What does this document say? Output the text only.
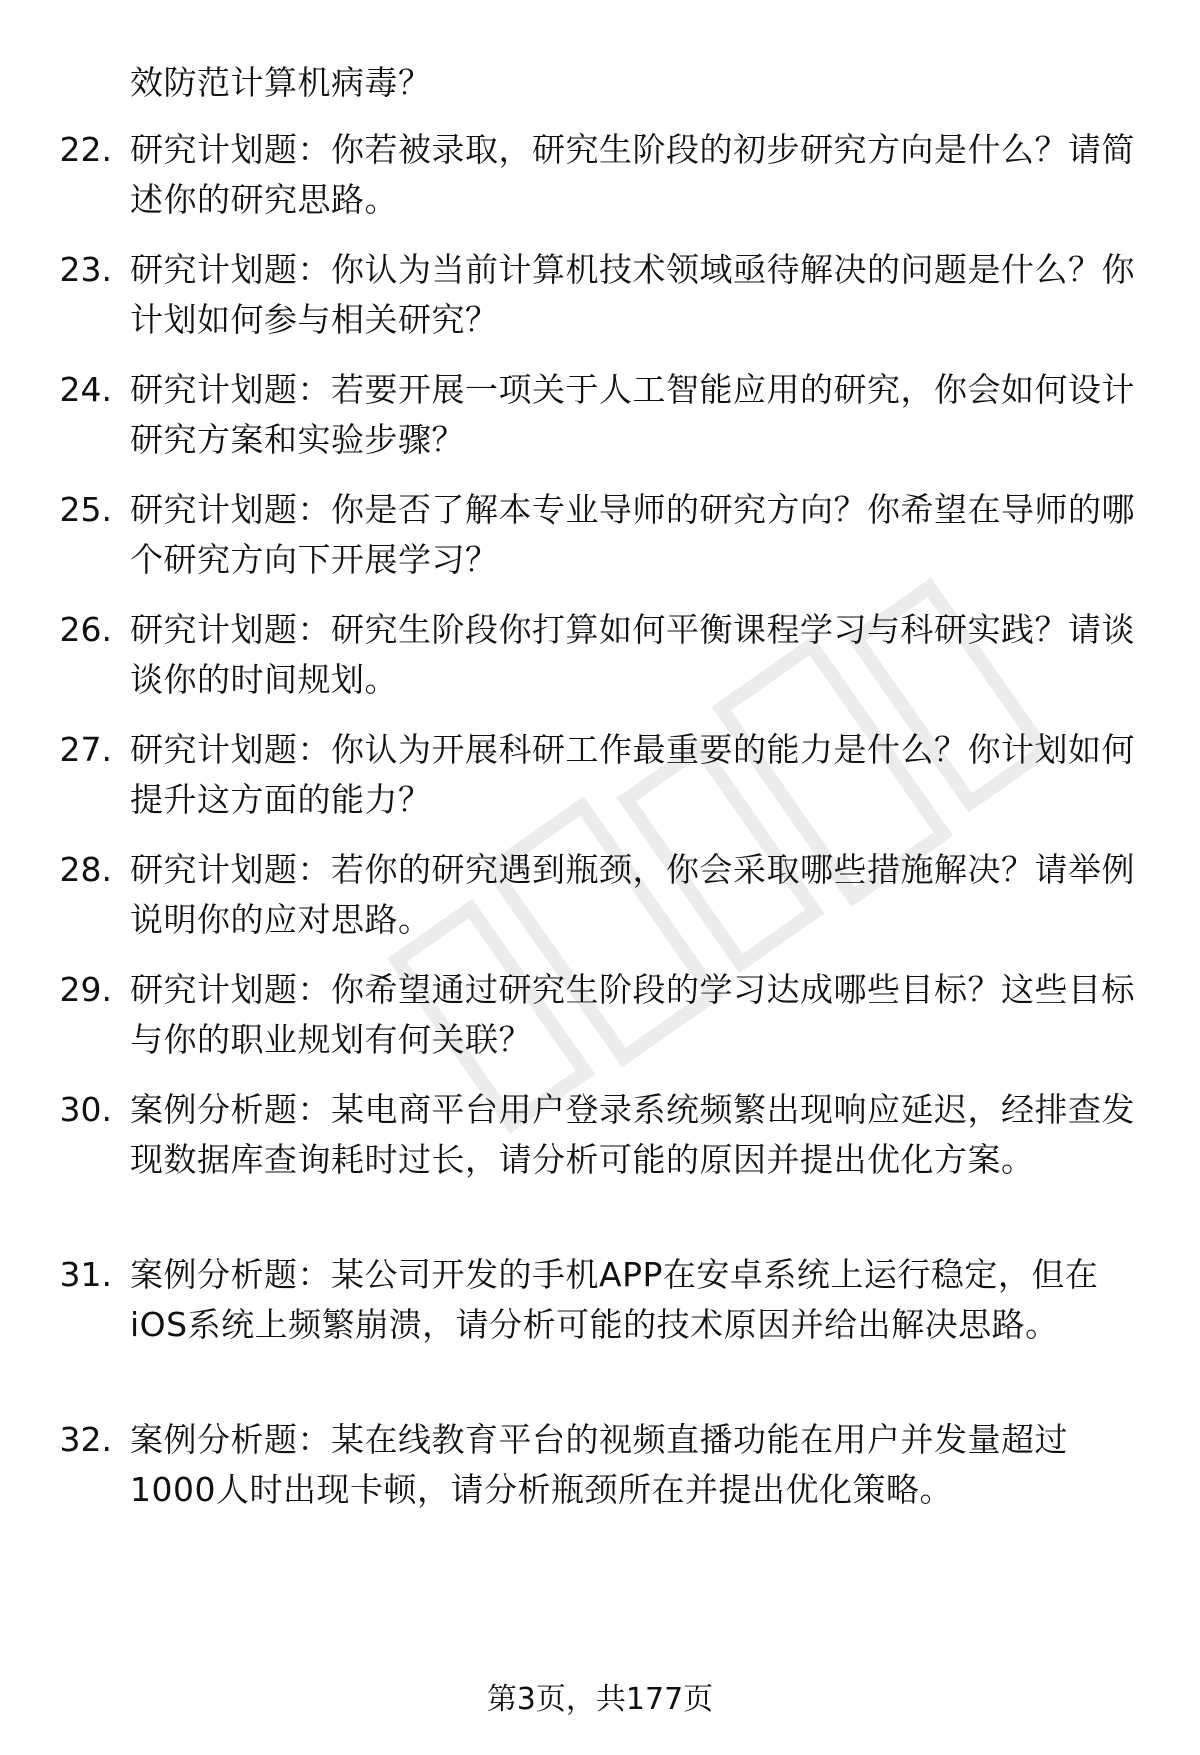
效防范计算机病毒？
22. 研究计划题：你若被录取，研究生阶段的初步研究方向是什么？请简述你的研究思路。
23. 研究计划题：你认为当前计算机技术领域亟待解决的问题是什么？你计划如何参与相关研究？
24. 研究计划题：若要开展一项关于人工智能应用的研究，你会如何设计研究方案和实验步骤？
25. 研究计划题：你是否了解本专业导师的研究方向？你希望在导师的哪个研究方向下开展学习？
26. 研究计划题：研究生阶段你打算如何平衡课程学习与科研实践？请谈谈你的时间规划。
27. 研究计划题：你认为开展科研工作最重要的能力是什么？你计划如何提升这方面的能力？
28. 研究计划题：若你的研究遇到瓶颈，你会采取哪些措施解决？请举例说明你的应对思路。
29. 研究计划题：你希望通过研究生阶段的学习达成哪些目标？这些目标与你的职业规划有何关联？
30. 案例分析题：某电商平台用户登录系统频繁出现响应延迟，经排查发现数据库查询耗时过长，请分析可能的原因并提出优化方案。
31. 案例分析题：某公司开发的手机APP在安卓系统上运行稳定，但在iOS系统上频繁崩溃，请分析可能的技术原因并给出解决思路。
32. 案例分析题：某在线教育平台的视频直播功能在用户并发量超过1000人时出现卡顿，请分析瓶颈所在并提出优化策略。
第3页，共177页
